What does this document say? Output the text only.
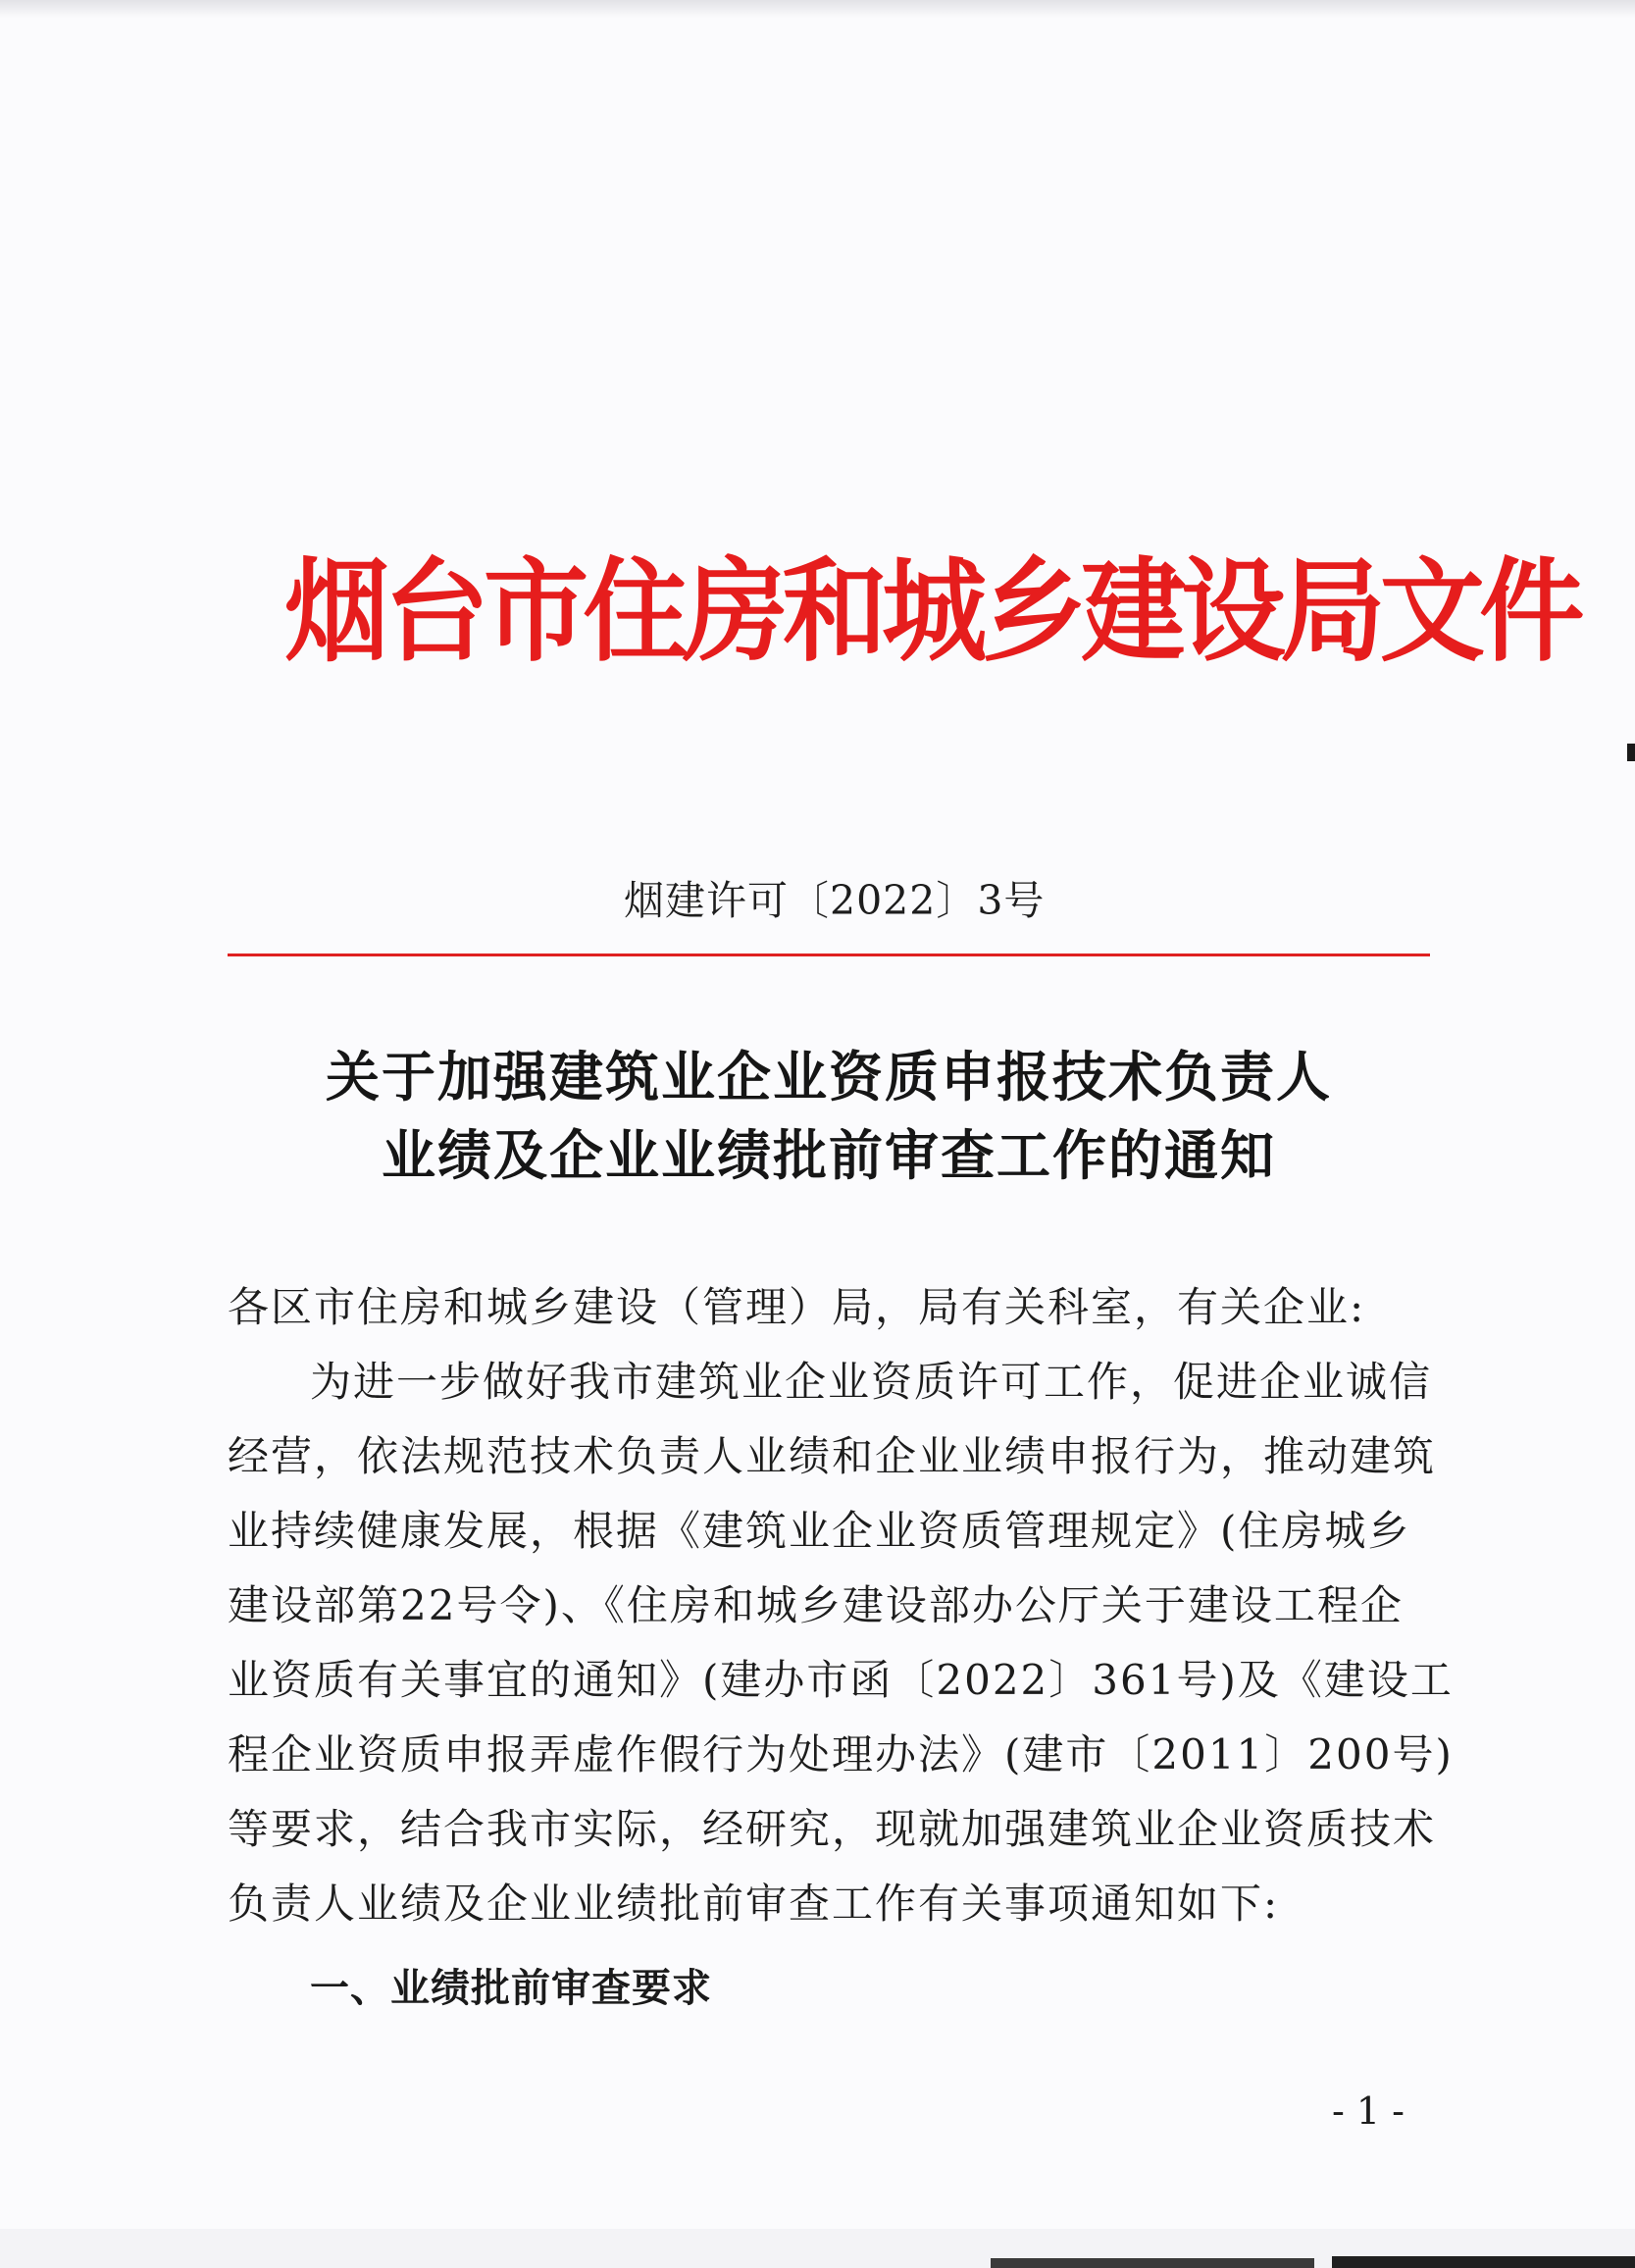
烟台市住房和城乡建设局文件
烟建许可〔2022〕3号
关于加强建筑业企业资质申报技术负责人
业绩及企业业绩批前审查工作的通知
各区市住房和城乡建设（管理）局，局有关科室，有关企业:
为进一步做好我市建筑业企业资质许可工作，促进企业诚信
经营，依法规范技术负责人业绩和企业业绩申报行为，推动建筑
业持续健康发展，根据《建筑业企业资质管理规定》(住房城乡
建设部第22号令)、《住房和城乡建设部办公厅关于建设工程企
业资质有关事宜的通知》(建办市函〔2022〕361号)及《建设工
程企业资质申报弄虚作假行为处理办法》(建市〔2011〕200号)
等要求，结合我市实际，经研究，现就加强建筑业企业资质技术
负责人业绩及企业业绩批前审查工作有关事项通知如下:
一、业绩批前审查要求
- 1 -
